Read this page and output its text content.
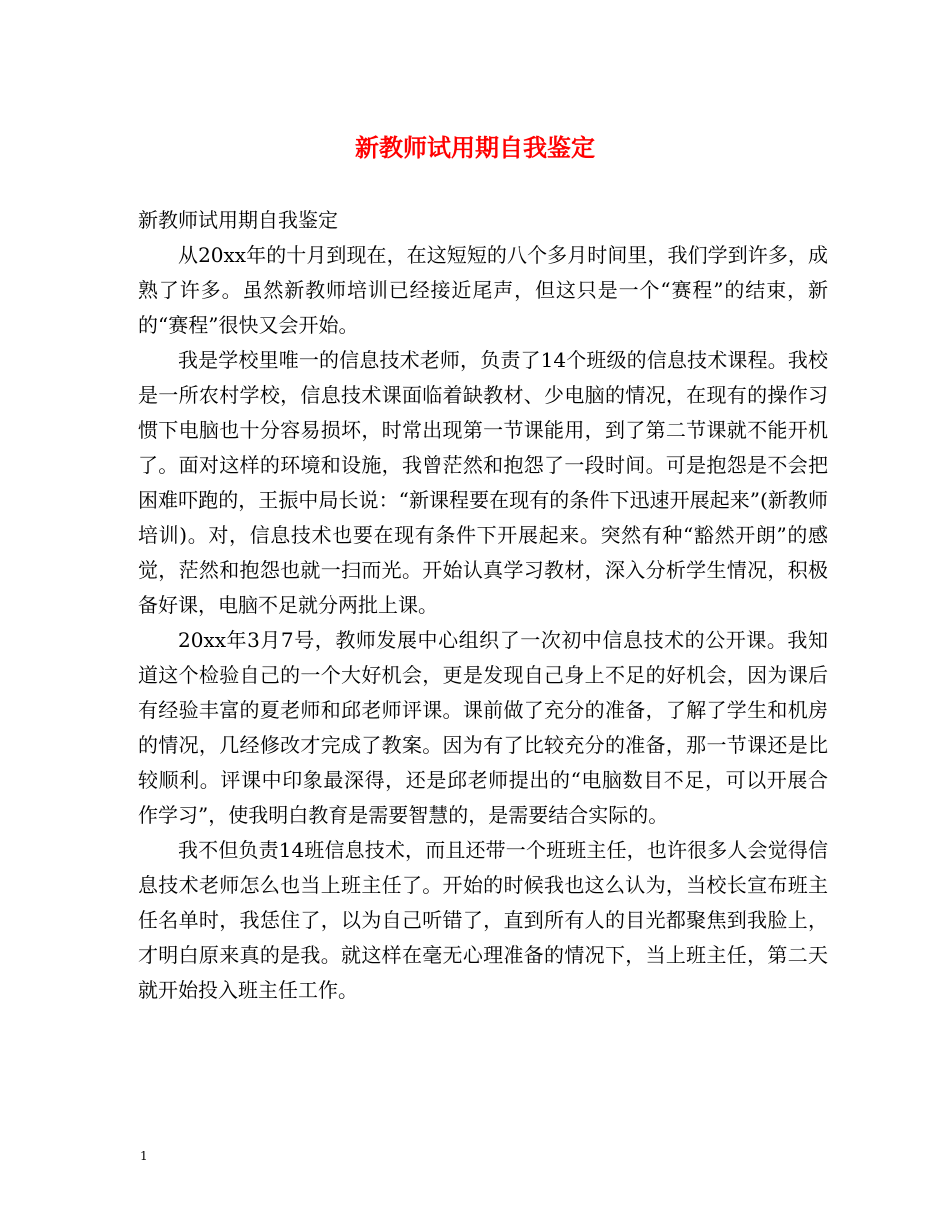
新教师试用期自我鉴定

新教师试用期自我鉴定

从20xx年的十月到现在，在这短短的八个多月时间里，我们学到许多，成熟了许多。虽然新教师培训已经接近尾声，但这只是一个“赛程”的结束，新的“赛程”很快又会开始。

我是学校里唯一的信息技术老师，负责了14个班级的信息技术课程。我校是一所农村学校，信息技术课面临着缺教材、少电脑的情况，在现有的操作习惯下电脑也十分容易损坏，时常出现第一节课能用，到了第二节课就不能开机了。面对这样的环境和设施，我曾茫然和抱怨了一段时间。可是抱怨是不会把困难吓跑的，王振中局长说：“新课程要在现有的条件下迅速开展起来”(新教师培训)。对，信息技术也要在现有条件下开展起来。突然有种“豁然开朗”的感觉，茫然和抱怨也就一扫而光。开始认真学习教材，深入分析学生情况，积极备好课，电脑不足就分两批上课。

20xx年3月7号，教师发展中心组织了一次初中信息技术的公开课。我知道这个检验自己的一个大好机会，更是发现自己身上不足的好机会，因为课后有经验丰富的夏老师和邱老师评课。课前做了充分的准备，了解了学生和机房的情况，几经修改才完成了教案。因为有了比较充分的准备，那一节课还是比较顺利。评课中印象最深得，还是邱老师提出的“电脑数目不足，可以开展合作学习”，使我明白教育是需要智慧的，是需要结合实际的。

我不但负责14班信息技术，而且还带一个班班主任，也许很多人会觉得信息技术老师怎么也当上班主任了。开始的时候我也这么认为，当校长宣布班主任名单时，我恁住了，以为自己听错了，直到所有人的目光都聚焦到我脸上，才明白原来真的是我。就这样在毫无心理准备的情况下，当上班主任，第二天就开始投入班主任工作。

1
